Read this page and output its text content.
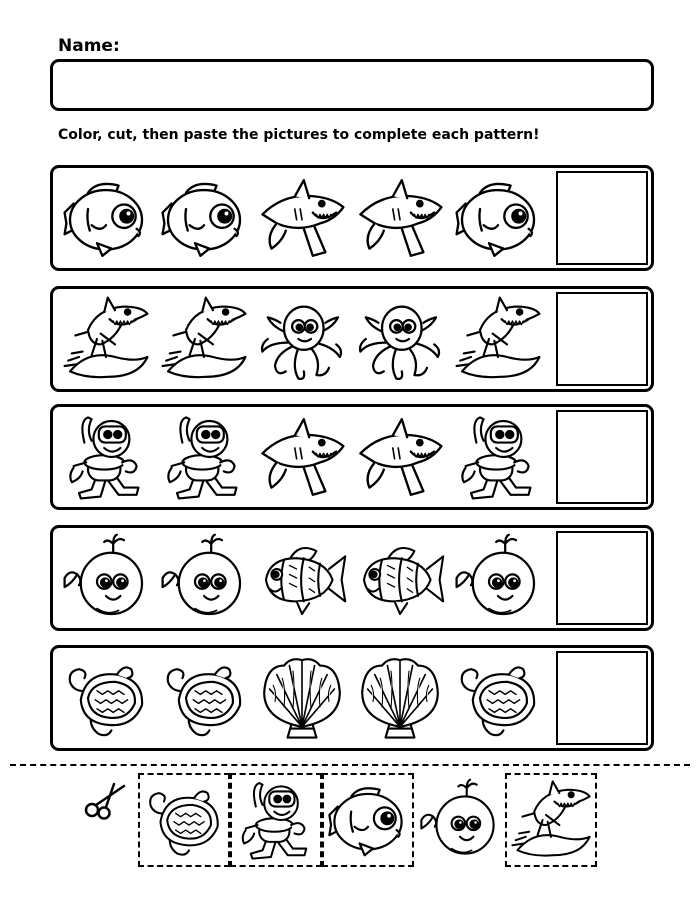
Name:
Color, cut, then paste the pictures to complete each pattern!
